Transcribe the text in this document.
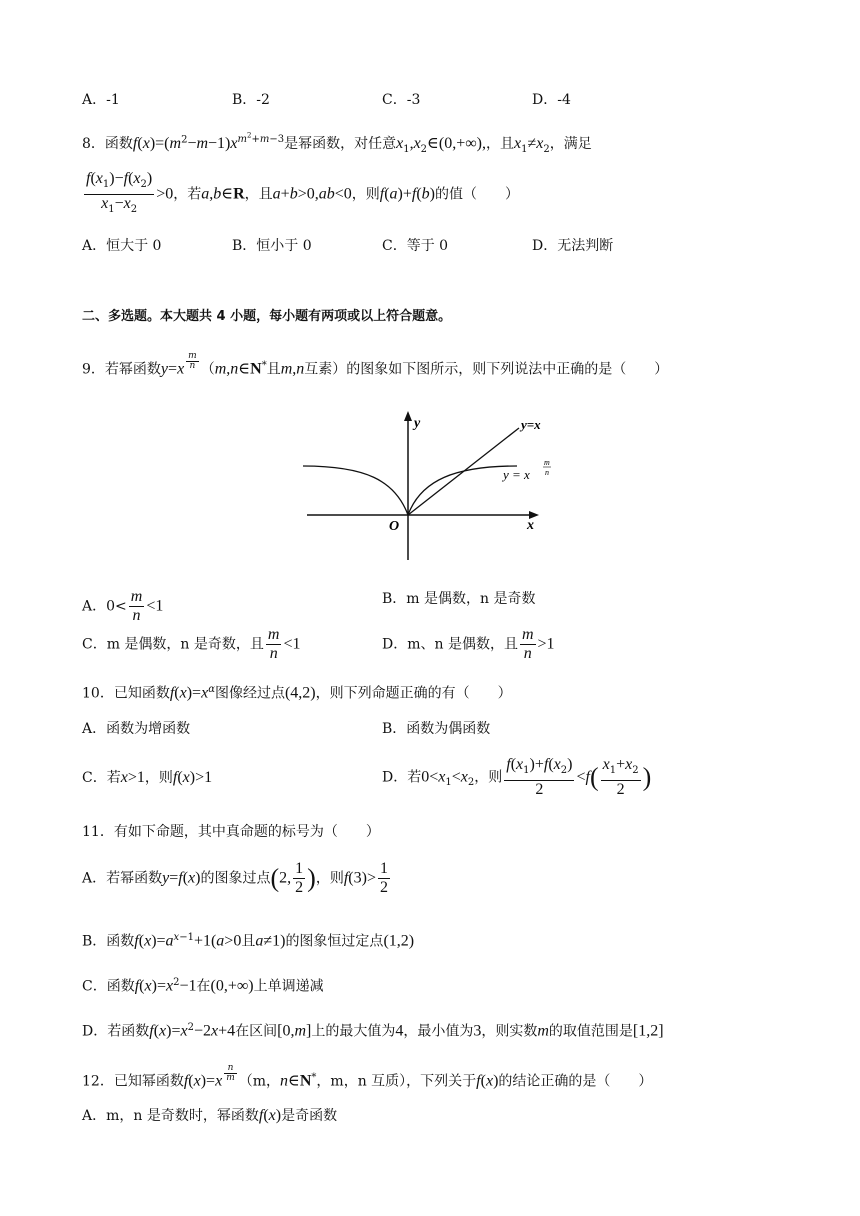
A．-1	B．-2	C．-3	D．-4
8．函数$f(x)=(m^2-m-1)x^{m^2+m-3}$是幂函数，对任意$x_1,x_2\in(0,+\infty)$,，且$x_1\ne x_2$，满足
$\frac{f(x_1)-f(x_2)}{x_1-x_2} >0$，若a,b∈R，且a+b>0,ab<0，则f(a)+f(b)的值（　　）
A．恒大于 0	B．恒小于 0	C．等于 0	D．无法判断
二、多选题。本大题共 4 小题，每小题有两项或以上符合题意。
9．若幂函数y=x $^{\frac{m}{n}}$ （m,n∈N*且m,n互素）的图象如下图所示，则下列说法中正确的是（　　）
y
x
O
y=x
y = x
m
n
A．$0< \frac{m}{n} <1$	B．m 是偶数，n 是奇数
C．m 是偶数，n 是奇数，且 $\frac{m}{n} <1$	D．m、n 是偶数，且 $\frac{m}{n} >1$
10．已知函数$f(x)=x^\alpha$图像经过点(4,2)，则下列命题正确的有（　　）
A．函数为增函数	B．函数为偶函数
C．若x>1，则f(x)>1	D．若$0<x_1<x_2$，则 $\frac{f(x_1)+f(x_2)}{2} <f( \frac{x_1+x_2}{2}$ )
11．有如下命题，其中真命题的标号为（　　）
A．若幂函数y=f(x)的图象过点(2, $\frac{1}{2}$ )，则$f(3)> \frac{1}{2}$
B．函数$f(x)=a^{x-1}+1(a>0$且a≠1)的图象恒过定点(1,2)
C．函数$f(x)=x^2-1$在(0,+∞)上单调递减
D．若函数$f(x)=x^2-2x+4$在区间[0,m]上的最大值为4，最小值为3，则实数m的取值范围是[1,2]
12．已知幂函数f(x)=x $^{\frac{n}{m}}$ （m，n∈N*，m，n 互质），下列关于f(x)的结论正确的是（　　）
A．m，n 是奇数时，幂函数f(x)是奇函数
